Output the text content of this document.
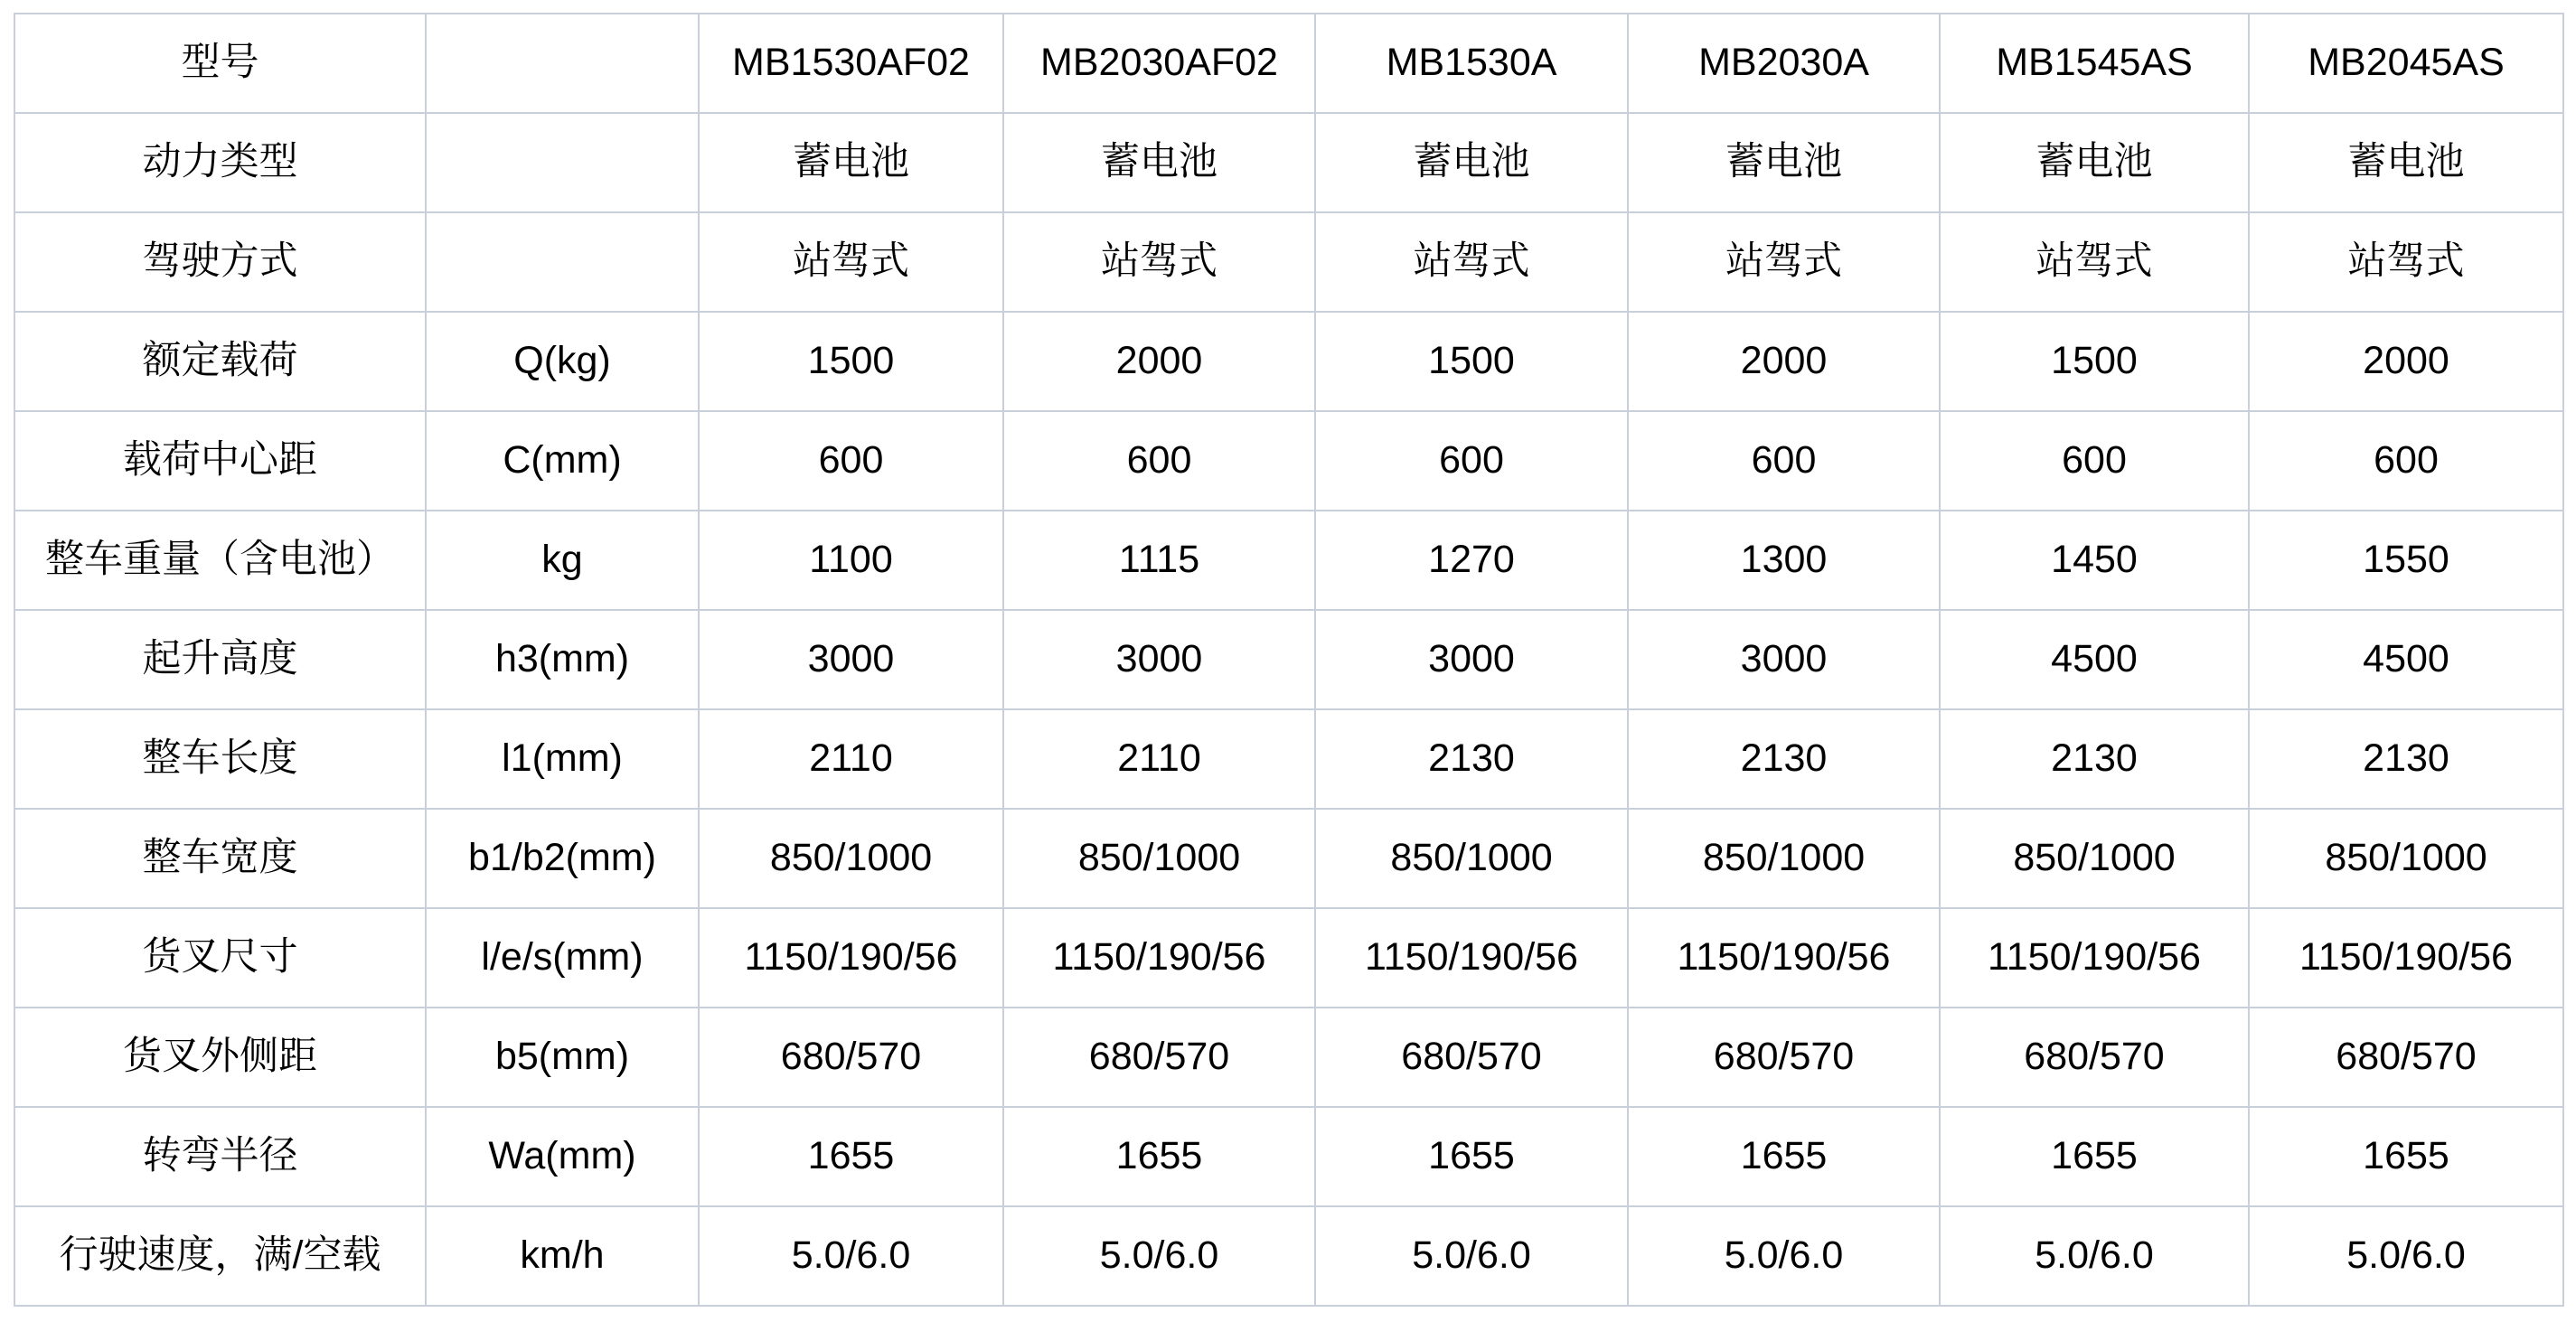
型号		MB1530AF02	MB2030AF02	MB1530A	MB2030A	MB1545AS	MB2045AS
动力类型		蓄电池	蓄电池	蓄电池	蓄电池	蓄电池	蓄电池
驾驶方式		站驾式	站驾式	站驾式	站驾式	站驾式	站驾式
额定载荷	Q(kg)	1500	2000	1500	2000	1500	2000
载荷中心距	C(mm)	600	600	600	600	600	600
整车重量（含电池）	kg	1100	1115	1270	1300	1450	1550
起升高度	h3(mm)	3000	3000	3000	3000	4500	4500
整车长度	l1(mm)	2110	2110	2130	2130	2130	2130
整车宽度	b1/b2(mm)	850/1000	850/1000	850/1000	850/1000	850/1000	850/1000
货叉尺寸	l/e/s(mm)	1150/190/56	1150/190/56	1150/190/56	1150/190/56	1150/190/56	1150/190/56
货叉外侧距	b5(mm)	680/570	680/570	680/570	680/570	680/570	680/570
转弯半径	Wa(mm)	1655	1655	1655	1655	1655	1655
行驶速度，满/空载	km/h	5.0/6.0	5.0/6.0	5.0/6.0	5.0/6.0	5.0/6.0	5.0/6.0
